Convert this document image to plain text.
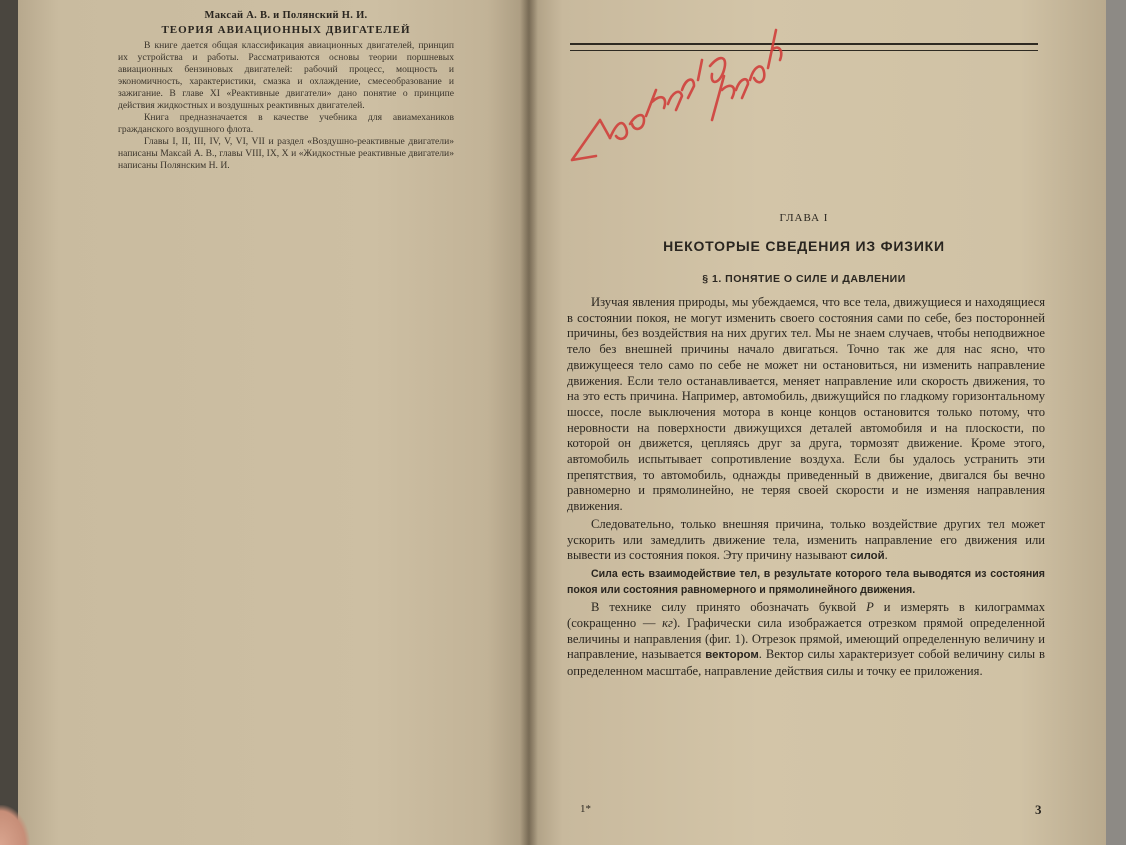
Максай А. В. и Полянский Н. И.

ТЕОРИЯ АВИАЦИОННЫХ ДВИГАТЕЛЕЙ

В книге дается общая классификация авиационных двигателей, принцип их устройства и работы. Рассматриваются основы теории поршневых авиационных бензиновых двигателей: рабочий процесс, мощность и экономичность, характеристики, смазка и охлаждение, смесеобразование и зажигание. В главе XI «Реактивные двигатели» дано понятие о принципе действия жидкостных и воздушных реактивных двигателей.

Книга предназначается в качестве учебника для авиамехаников гражданского воздушного флота.

Главы I, II, III, IV, V, VI, VII и раздел «Воздушно-реактивные двигатели» написаны Максай А. В., главы VIII, IX, X и «Жидкостные реактивные двигатели» написаны Полянским Н. И.

ГЛАВА I

НЕКОТОРЫЕ СВЕДЕНИЯ ИЗ ФИЗИКИ
§ 1. ПОНЯТИЕ О СИЛЕ И ДАВЛЕНИИ

Изучая явления природы, мы убеждаемся, что все тела, движущиеся и находящиеся в состоянии покоя, не могут изменить своего состояния сами по себе, без посторонней причины, без воздействия на них других тел. Мы не знаем случаев, чтобы неподвижное тело без внешней причины начало двигаться. Точно так же для нас ясно, что движущееся тело само по себе не может ни остановиться, ни изменить направление движения. Если тело останавливается, меняет направление или скорость движения, то на это есть причина. Например, автомобиль, движущийся по гладкому горизонтальному шоссе, после выключения мотора в конце концов остановится только потому, что неровности на поверхности движущихся деталей автомобиля и на плоскости, по которой он движется, цепляясь друг за друга, тормозят движение. Кроме этого, автомобиль испытывает сопротивление воздуха. Если бы удалось устранить эти препятствия, то автомобиль, однажды приведенный в движение, двигался бы вечно равномерно и прямолинейно, не теряя своей скорости и не изменяя направления движения.

Следовательно, только внешняя причина, только воздействие других тел может ускорить или замедлить движение тела, изменить направление его движения или вывести из состояния покоя. Эту причину называют силой.

Сила есть взаимодействие тел, в результате которого тела выводятся из состояния покоя или состояния равномерного и прямолинейного движения.

В технике силу принято обозначать буквой P и измерять в килограммах (сокращенно — кг). Графически сила изображается отрезком прямой определенной величины и направления (фиг. 1). Отрезок прямой, имеющий определенную величину и направление, называется вектором. Вектор силы характеризует собой величину силы в определенном масштабе, направление действия силы и точку ее приложения.

1*	3
